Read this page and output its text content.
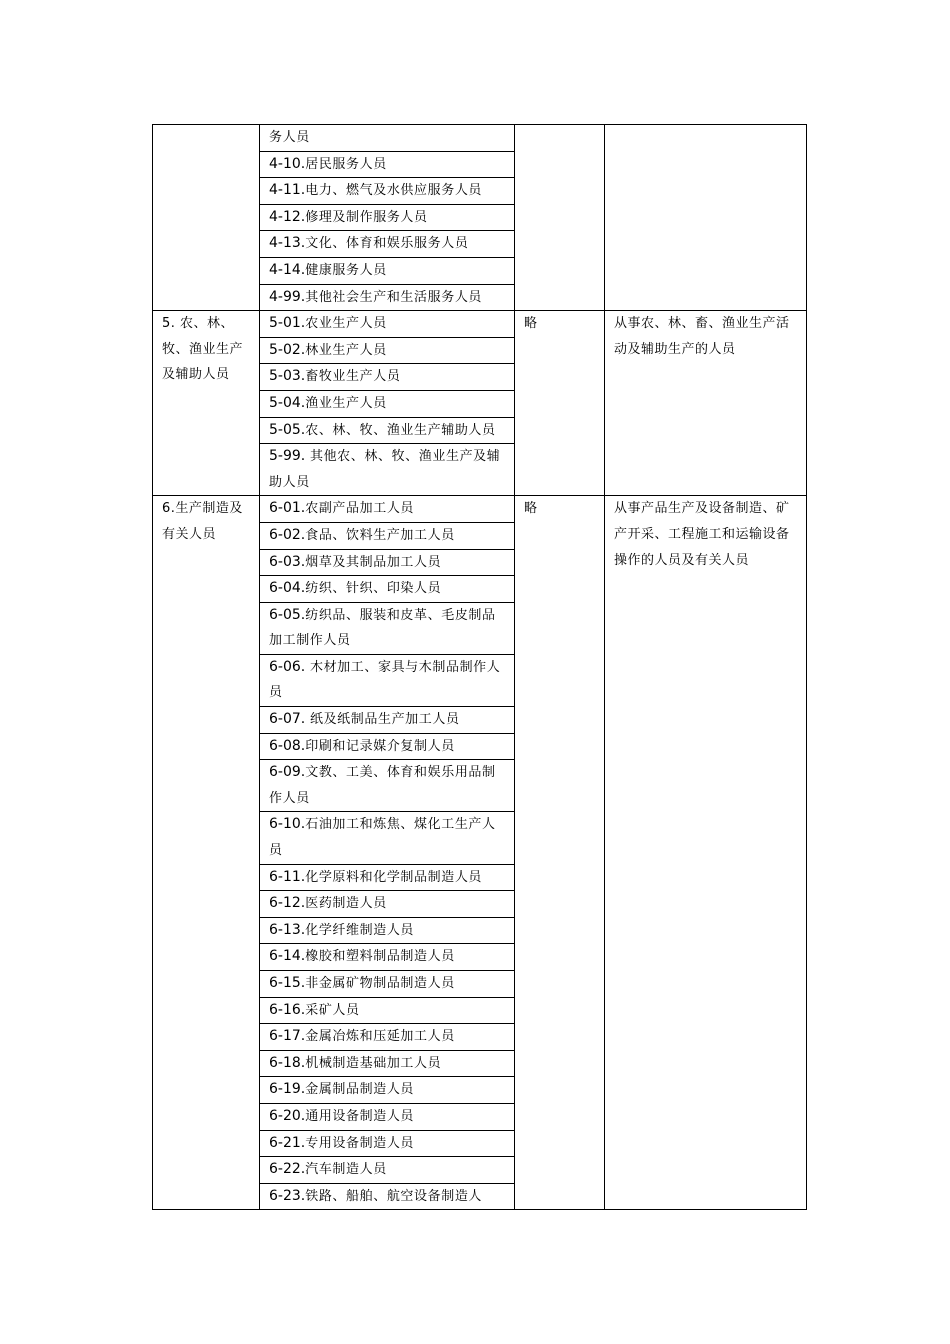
	务人员		
	4-10.居民服务人员		
	4-11.电力、燃气及水供应服务人员		
	4-12.修理及制作服务人员		
	4-13.文化、体育和娱乐服务人员		
	4-14.健康服务人员		
	4-99.其他社会生产和生活服务人员		
5. 农、林、牧、渔业生产及辅助人员	5-01.农业生产人员	略	从事农、林、畜、渔业生产活动及辅助生产的人员
	5-02.林业生产人员		
	5-03.畜牧业生产人员		
	5-04.渔业生产人员		
	5-05.农、林、牧、渔业生产辅助人员		
	5-99. 其他农、林、牧、渔业生产及辅助人员		
6.生产制造及有关人员	6-01.农副产品加工人员	略	从事产品生产及设备制造、矿产开采、工程施工和运输设备操作的人员及有关人员
	6-02.食品、饮料生产加工人员		
	6-03.烟草及其制品加工人员		
	6-04.纺织、针织、印染人员		
	6-05.纺织品、服装和皮革、毛皮制品加工制作人员		
	6-06. 木材加工、家具与木制品制作人员		
	6-07. 纸及纸制品生产加工人员		
	6-08.印刷和记录媒介复制人员		
	6-09.文教、工美、体育和娱乐用品制作人员		
	6-10.石油加工和炼焦、煤化工生产人员		
	6-11.化学原料和化学制品制造人员		
	6-12.医药制造人员		
	6-13.化学纤维制造人员		
	6-14.橡胶和塑料制品制造人员		
	6-15.非金属矿物制品制造人员		
	6-16.采矿人员		
	6-17.金属冶炼和压延加工人员		
	6-18.机械制造基础加工人员		
	6-19.金属制品制造人员		
	6-20.通用设备制造人员		
	6-21.专用设备制造人员		
	6-22.汽车制造人员		
	6-23.铁路、船舶、航空设备制造人		
